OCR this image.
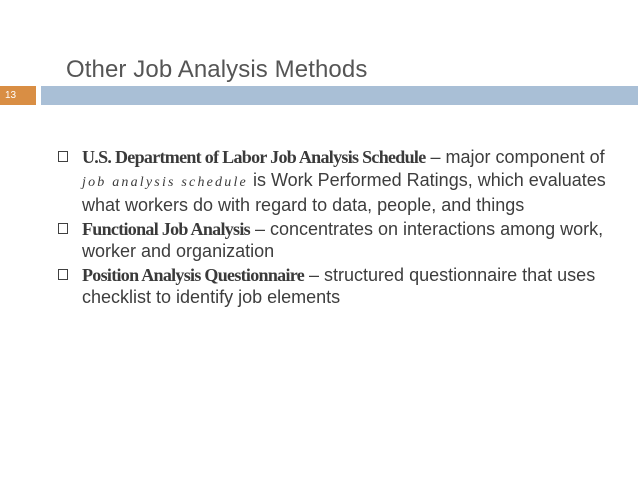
Other Job Analysis Methods
13
U.S. Department of Labor Job Analysis Schedule – major component of job analysis schedule is Work Performed Ratings, which evaluates what workers do with regard to data, people, and things
Functional Job Analysis – concentrates on interactions among work, worker and organization
Position Analysis Questionnaire – structured questionnaire that uses checklist to identify job elements
